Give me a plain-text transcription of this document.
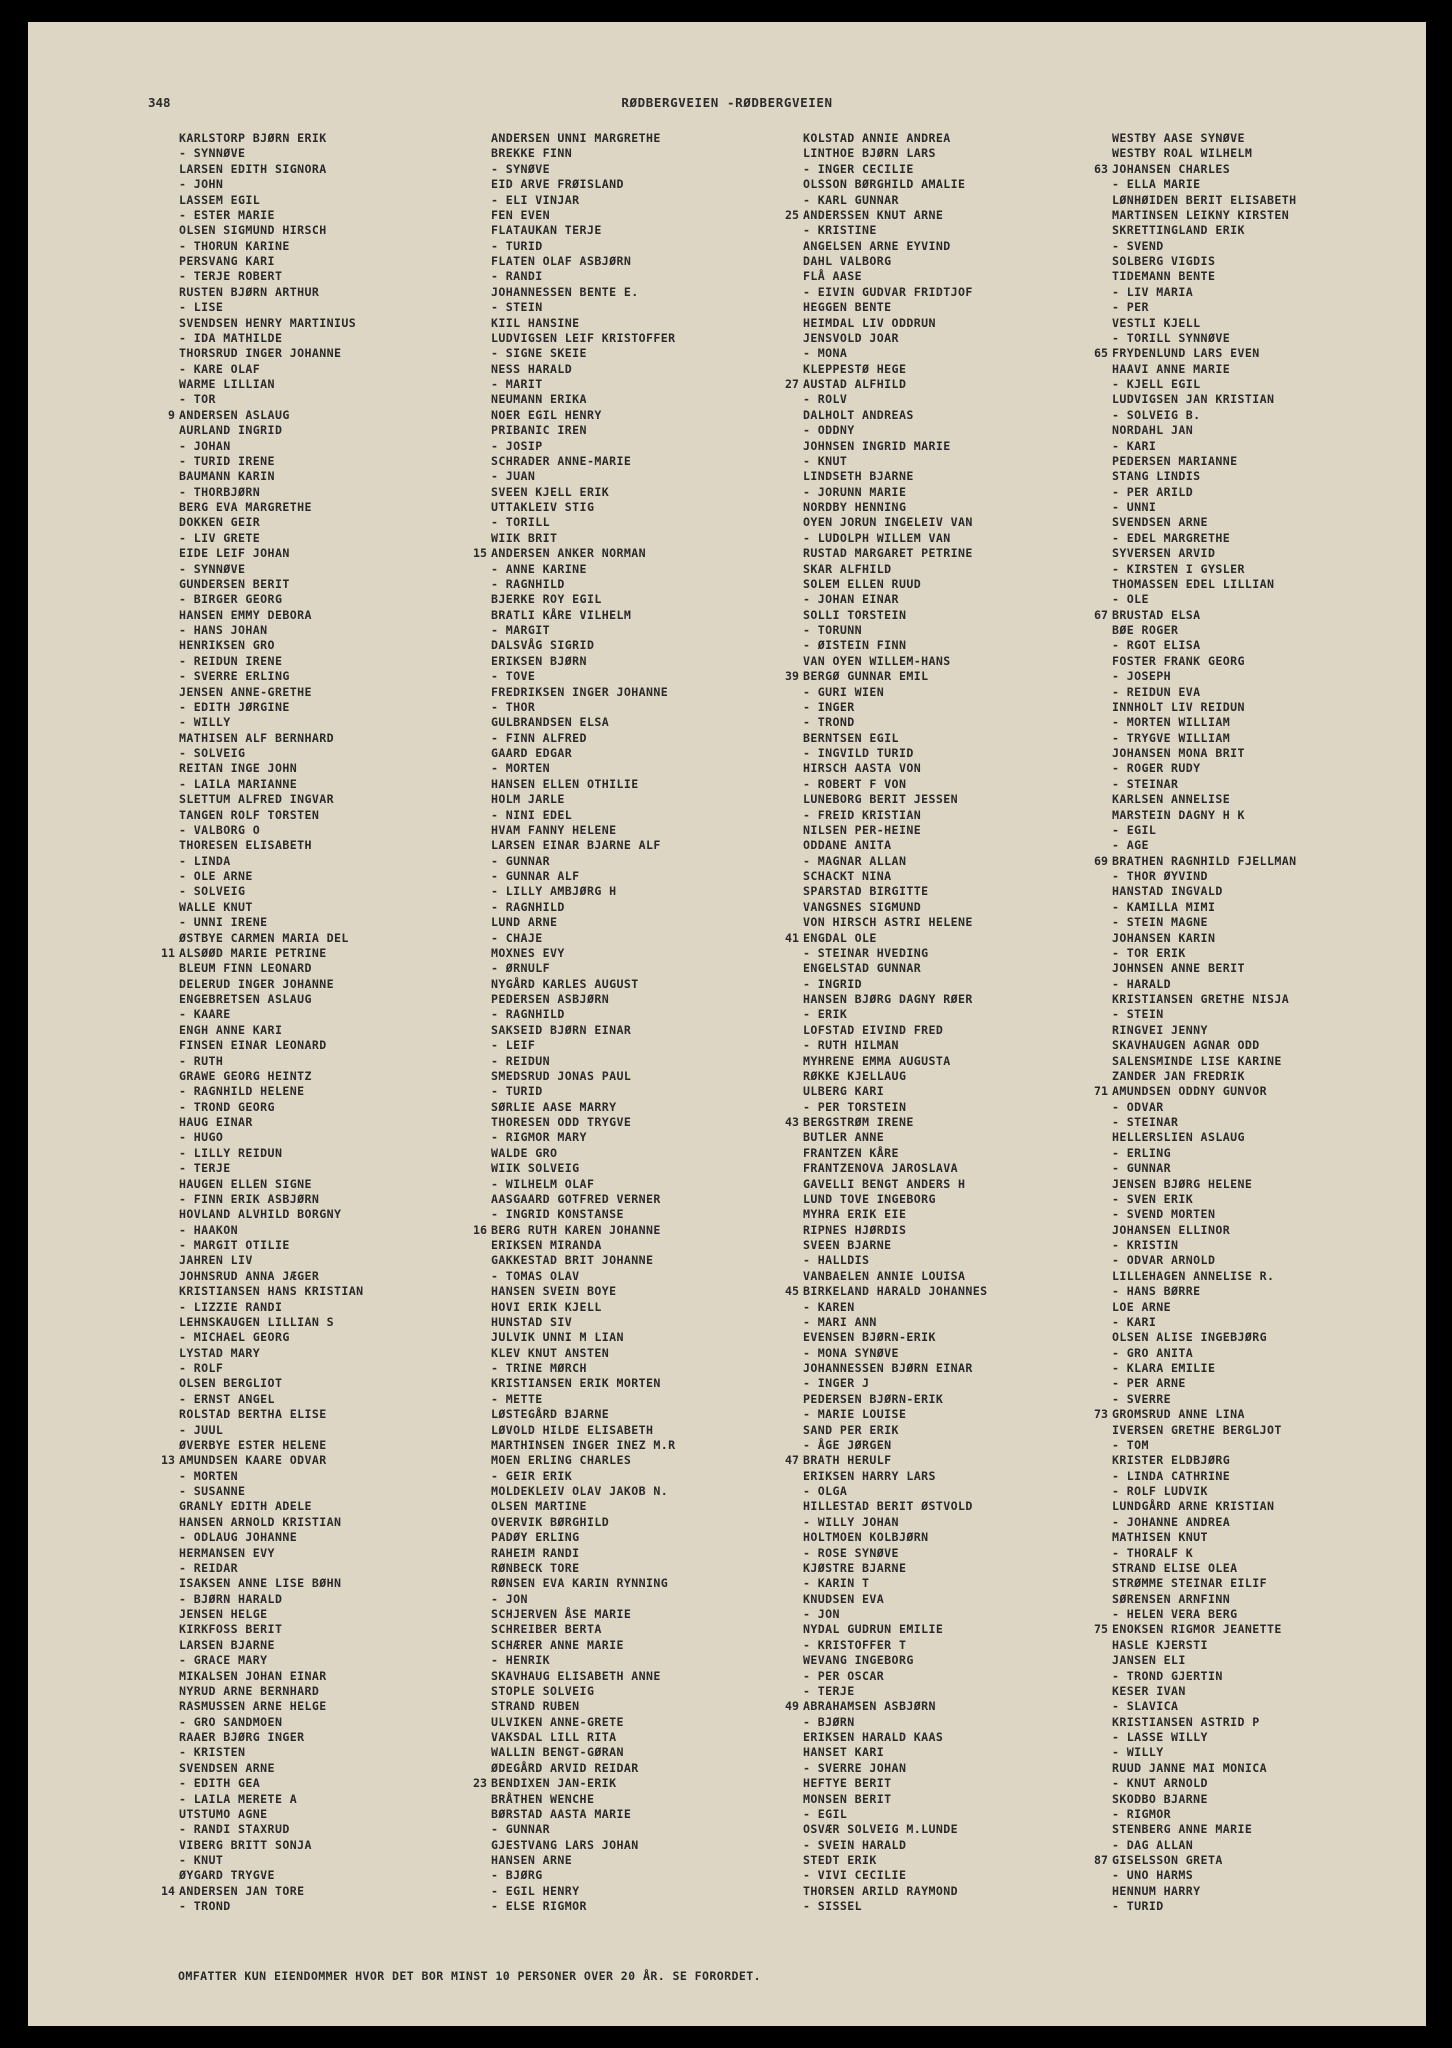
348	RØDBERGVEIEN -RØDBERGVEIEN
KARLSTORP BJØRN ERIK
- SYNNØVE
LARSEN EDITH SIGNORA
- JOHN
LASSEM EGIL
- ESTER MARIE
OLSEN SIGMUND HIRSCH
- THORUN KARINE
PERSVANG KARI
- TERJE ROBERT
RUSTEN BJØRN ARTHUR
- LISE
SVENDSEN HENRY MARTINIUS
- IDA MATHILDE
THORSRUD INGER JOHANNE
- KARE OLAF
WARME LILLIAN
- TOR
9 ANDERSEN ASLAUG
AURLAND INGRID
- JOHAN
- TURID IRENE
BAUMANN KARIN
- THORBJØRN
BERG EVA MARGRETHE
DOKKEN GEIR
- LIV GRETE
EIDE LEIF JOHAN
- SYNNØVE
GUNDERSEN BERIT
- BIRGER GEORG
HANSEN EMMY DEBORA
- HANS JOHAN
HENRIKSEN GRO
- REIDUN IRENE
- SVERRE ERLING
JENSEN ANNE-GRETHE
- EDITH JØRGINE
- WILLY
MATHISEN ALF BERNHARD
- SOLVEIG
REITAN INGE JOHN
- LAILA MARIANNE
SLETTUM ALFRED INGVAR
TANGEN ROLF TORSTEN
- VALBORG O
THORESEN ELISABETH
- LINDA
- OLE ARNE
- SOLVEIG
WALLE KNUT
- UNNI IRENE
ØSTBYE CARMEN MARIA DEL
11 ALSØØD MARIE PETRINE
BLEUM FINN LEONARD
DELERUD INGER JOHANNE
ENGEBRETSEN ASLAUG
- KAARE
ENGH ANNE KARI
FINSEN EINAR LEONARD
- RUTH
GRAWE GEORG HEINTZ
- RAGNHILD HELENE
- TROND GEORG
HAUG EINAR
- HUGO
- LILLY REIDUN
- TERJE
HAUGEN ELLEN SIGNE
- FINN ERIK ASBJØRN
HOVLAND ALVHILD BORGNY
- HAAKON
- MARGIT OTILIE
JAHREN LIV
JOHNSRUD ANNA JÆGER
KRISTIANSEN HANS KRISTIAN
- LIZZIE RANDI
LEHNSKAUGEN LILLIAN S
- MICHAEL GEORG
LYSTAD MARY
- ROLF
OLSEN BERGLIOT
- ERNST ANGEL
ROLSTAD BERTHA ELISE
- JUUL
ØVERBYE ESTER HELENE
13 AMUNDSEN KAARE ODVAR
- MORTEN
- SUSANNE
GRANLY EDITH ADELE
HANSEN ARNOLD KRISTIAN
- ODLAUG JOHANNE
HERMANSEN EVY
- REIDAR
ISAKSEN ANNE LISE BØHN
- BJØRN HARALD
JENSEN HELGE
KIRKFOSS BERIT
LARSEN BJARNE
- GRACE MARY
MIKALSEN JOHAN EINAR
NYRUD ARNE BERNHARD
RASMUSSEN ARNE HELGE
- GRO SANDMOEN
RAAER BJØRG INGER
- KRISTEN
SVENDSEN ARNE
- EDITH GEA
- LAILA MERETE A
UTSTUMO AGNE
- RANDI STAXRUD
VIBERG BRITT SONJA
- KNUT
ØYGARD TRYGVE
14 ANDERSEN JAN TORE
- TROND
ANDERSEN UNNI MARGRETHE
BREKKE FINN
- SYNØVE
EID ARVE FRØISLAND
- ELI VINJAR
FEN EVEN
FLATAUKAN TERJE
- TURID
FLATEN OLAF ASBJØRN
- RANDI
JOHANNESSEN BENTE E.
- STEIN
KIIL HANSINE
LUDVIGSEN LEIF KRISTOFFER
- SIGNE SKEIE
NESS HARALD
- MARIT
NEUMANN ERIKA
NOER EGIL HENRY
PRIBANIC IREN
- JOSIP
SCHRADER ANNE-MARIE
- JUAN
SVEEN KJELL ERIK
UTTAKLEIV STIG
- TORILL
WIIK BRIT
15 ANDERSEN ANKER NORMAN
- ANNE KARINE
- RAGNHILD
BJERKE ROY EGIL
BRATLI KÅRE VILHELM
- MARGIT
DALSVÅG SIGRID
ERIKSEN BJØRN
- TOVE
FREDRIKSEN INGER JOHANNE
- THOR
GULBRANDSEN ELSA
- FINN ALFRED
GAARD EDGAR
- MORTEN
HANSEN ELLEN OTHILIE
HOLM JARLE
- NINI EDEL
HVAM FANNY HELENE
LARSEN EINAR BJARNE ALF
- GUNNAR
- GUNNAR ALF
- LILLY AMBJØRG H
- RAGNHILD
LUND ARNE
- CHAJE
MOXNES EVY
- ØRNULF
NYGÅRD KARLES AUGUST
PEDERSEN ASBJØRN
- RAGNHILD
SAKSEID BJØRN EINAR
- LEIF
- REIDUN
SMEDSRUD JONAS PAUL
- TURID
SØRLIE AASE MARRY
THORESEN ODD TRYGVE
- RIGMOR MARY
WALDE GRO
WIIK SOLVEIG
- WILHELM OLAF
AASGAARD GOTFRED VERNER
- INGRID KONSTANSE
16 BERG RUTH KAREN JOHANNE
ERIKSEN MIRANDA
GAKKESTAD BRIT JOHANNE
- TOMAS OLAV
HANSEN SVEIN BOYE
HOVI ERIK KJELL
HUNSTAD SIV
JULVIK UNNI M LIAN
KLEV KNUT ANSTEN
- TRINE MØRCH
KRISTIANSEN ERIK MORTEN
- METTE
LØSTEGÅRD BJARNE
LØVOLD HILDE ELISABETH
MARTHINSEN INGER INEZ M.R
MOEN ERLING CHARLES
- GEIR ERIK
MOLDEKLEIV OLAV JAKOB N.
OLSEN MARTINE
OVERVIK BØRGHILD
PADØY ERLING
RAHEIM RANDI
RØNBECK TORE
RØNSEN EVA KARIN RYNNING
- JON
SCHJERVEN ÅSE MARIE
SCHREIBER BERTA
SCHÆRER ANNE MARIE
- HENRIK
SKAVHAUG ELISABETH ANNE
STOPLE SOLVEIG
STRAND RUBEN
ULVIKEN ANNE-GRETE
VAKSDAL LILL RITA
WALLIN BENGT-GØRAN
ØDEGÅRD ARVID REIDAR
23 BENDIXEN JAN-ERIK
BRÅTHEN WENCHE
BØRSTAD AASTA MARIE
- GUNNAR
GJESTVANG LARS JOHAN
HANSEN ARNE
- BJØRG
- EGIL HENRY
- ELSE RIGMOR
KOLSTAD ANNIE ANDREA
LINTHOE BJØRN LARS
- INGER CECILIE
OLSSON BØRGHILD AMALIE
- KARL GUNNAR
25 ANDERSSEN KNUT ARNE
- KRISTINE
ANGELSEN ARNE EYVIND
DAHL VALBORG
FLÅ AASE
- EIVIN GUDVAR FRIDTJOF
HEGGEN BENTE
HEIMDAL LIV ODDRUN
JENSVOLD JOAR
- MONA
KLEPPESTØ HEGE
27 AUSTAD ALFHILD
- ROLV
DALHOLT ANDREAS
- ODDNY
JOHNSEN INGRID MARIE
- KNUT
LINDSETH BJARNE
- JORUNN MARIE
NORDBY HENNING
OYEN JORUN INGELEIV VAN
- LUDOLPH WILLEM VAN
RUSTAD MARGARET PETRINE
SKAR ALFHILD
SOLEM ELLEN RUUD
- JOHAN EINAR
SOLLI TORSTEIN
- TORUNN
- ØISTEIN FINN
VAN OYEN WILLEM-HANS
39 BERGØ GUNNAR EMIL
- GURI WIEN
- INGER
- TROND
BERNTSEN EGIL
- INGVILD TURID
HIRSCH AASTA VON
- ROBERT F VON
LUNEBORG BERIT JESSEN
- FREID KRISTIAN
NILSEN PER-HEINE
ODDANE ANITA
- MAGNAR ALLAN
SCHACKT NINA
SPARSTAD BIRGITTE
VANGSNES SIGMUND
VON HIRSCH ASTRI HELENE
41 ENGDAL OLE
- STEINAR HVEDING
ENGELSTAD GUNNAR
- INGRID
HANSEN BJØRG DAGNY RØER
- ERIK
LOFSTAD EIVIND FRED
- RUTH HILMAN
MYHRENE EMMA AUGUSTA
RØKKE KJELLAUG
ULBERG KARI
- PER TORSTEIN
43 BERGSTRØM IRENE
BUTLER ANNE
FRANTZEN KÅRE
FRANTZENOVA JAROSLAVA
GAVELLI BENGT ANDERS H
LUND TOVE INGEBORG
MYHRA ERIK EIE
RIPNES HJØRDIS
SVEEN BJARNE
- HALLDIS
VANBAELEN ANNIE LOUISA
45 BIRKELAND HARALD JOHANNES
- KAREN
- MARI ANN
EVENSEN BJØRN-ERIK
- MONA SYNØVE
JOHANNESSEN BJØRN EINAR
- INGER J
PEDERSEN BJØRN-ERIK
- MARIE LOUISE
SAND PER ERIK
- ÅGE JØRGEN
47 BRATH HERULF
ERIKSEN HARRY LARS
- OLGA
HILLESTAD BERIT ØSTVOLD
- WILLY JOHAN
HOLTMOEN KOLBJØRN
- ROSE SYNØVE
KJØSTRE BJARNE
- KARIN T
KNUDSEN EVA
- JON
NYDAL GUDRUN EMILIE
- KRISTOFFER T
WEVANG INGEBORG
- PER OSCAR
- TERJE
49 ABRAHAMSEN ASBJØRN
- BJØRN
ERIKSEN HARALD KAAS
HANSET KARI
- SVERRE JOHAN
HEFTYE BERIT
MONSEN BERIT
- EGIL
OSVÆR SOLVEIG M.LUNDE
- SVEIN HARALD
STEDT ERIK
- VIVI CECILIE
THORSEN ARILD RAYMOND
- SISSEL
WESTBY AASE SYNØVE
WESTBY ROAL WILHELM
63 JOHANSEN CHARLES
- ELLA MARIE
LØNHØIDEN BERIT ELISABETH
MARTINSEN LEIKNY KIRSTEN
SKRETTINGLAND ERIK
- SVEND
SOLBERG VIGDIS
TIDEMANN BENTE
- LIV MARIA
- PER
VESTLI KJELL
- TORILL SYNNØVE
65 FRYDENLUND LARS EVEN
HAAVI ANNE MARIE
- KJELL EGIL
LUDVIGSEN JAN KRISTIAN
- SOLVEIG B.
NORDAHL JAN
- KARI
PEDERSEN MARIANNE
STANG LINDIS
- PER ARILD
- UNNI
SVENDSEN ARNE
- EDEL MARGRETHE
SYVERSEN ARVID
- KIRSTEN I GYSLER
THOMASSEN EDEL LILLIAN
- OLE
67 BRUSTAD ELSA
BØE ROGER
- RGOT ELISA
FOSTER FRANK GEORG
- JOSEPH
- REIDUN EVA
INNHOLT LIV REIDUN
- MORTEN WILLIAM
- TRYGVE WILLIAM
JOHANSEN MONA BRIT
- ROGER RUDY
- STEINAR
KARLSEN ANNELISE
MARSTEIN DAGNY H K
- EGIL
- AGE
69 BRATHEN RAGNHILD FJELLMAN
- THOR ØYVIND
HANSTAD INGVALD
- KAMILLA MIMI
- STEIN MAGNE
JOHANSEN KARIN
- TOR ERIK
JOHNSEN ANNE BERIT
- HARALD
KRISTIANSEN GRETHE NISJA
- STEIN
RINGVEI JENNY
SKAVHAUGEN AGNAR ODD
SALENSMINDE LISE KARINE
ZANDER JAN FREDRIK
71 AMUNDSEN ODDNY GUNVOR
- ODVAR
- STEINAR
HELLERSLIEN ASLAUG
- ERLING
- GUNNAR
JENSEN BJØRG HELENE
- SVEN ERIK
- SVEND MORTEN
JOHANSEN ELLINOR
- KRISTIN
- ODVAR ARNOLD
LILLEHAGEN ANNELISE R.
- HANS BØRRE
LOE ARNE
- KARI
OLSEN ALISE INGEBJØRG
- GRO ANITA
- KLARA EMILIE
- PER ARNE
- SVERRE
73 GROMSRUD ANNE LINA
IVERSEN GRETHE BERGLJOT
- TOM
KRISTER ELDBJØRG
- LINDA CATHRINE
- ROLF LUDVIK
LUNDGÅRD ARNE KRISTIAN
- JOHANNE ANDREA
MATHISEN KNUT
- THORALF K
STRAND ELISE OLEA
STRØMME STEINAR EILIF
SØRENSEN ARNFINN
- HELEN VERA BERG
75 ENOKSEN RIGMOR JEANETTE
HASLE KJERSTI
JANSEN ELI
- TROND GJERTIN
KESER IVAN
- SLAVICA
KRISTIANSEN ASTRID P
- LASSE WILLY
- WILLY
RUUD JANNE MAI MONICA
- KNUT ARNOLD
SKODBO BJARNE
- RIGMOR
STENBERG ANNE MARIE
- DAG ALLAN
87 GISELSSON GRETA
- UNO HARMS
HENNUM HARRY
- TURID
OMFATTER KUN EIENDOMMER HVOR DET BOR MINST 10 PERSONER OVER 20 ÅR. SE FORORDET.
